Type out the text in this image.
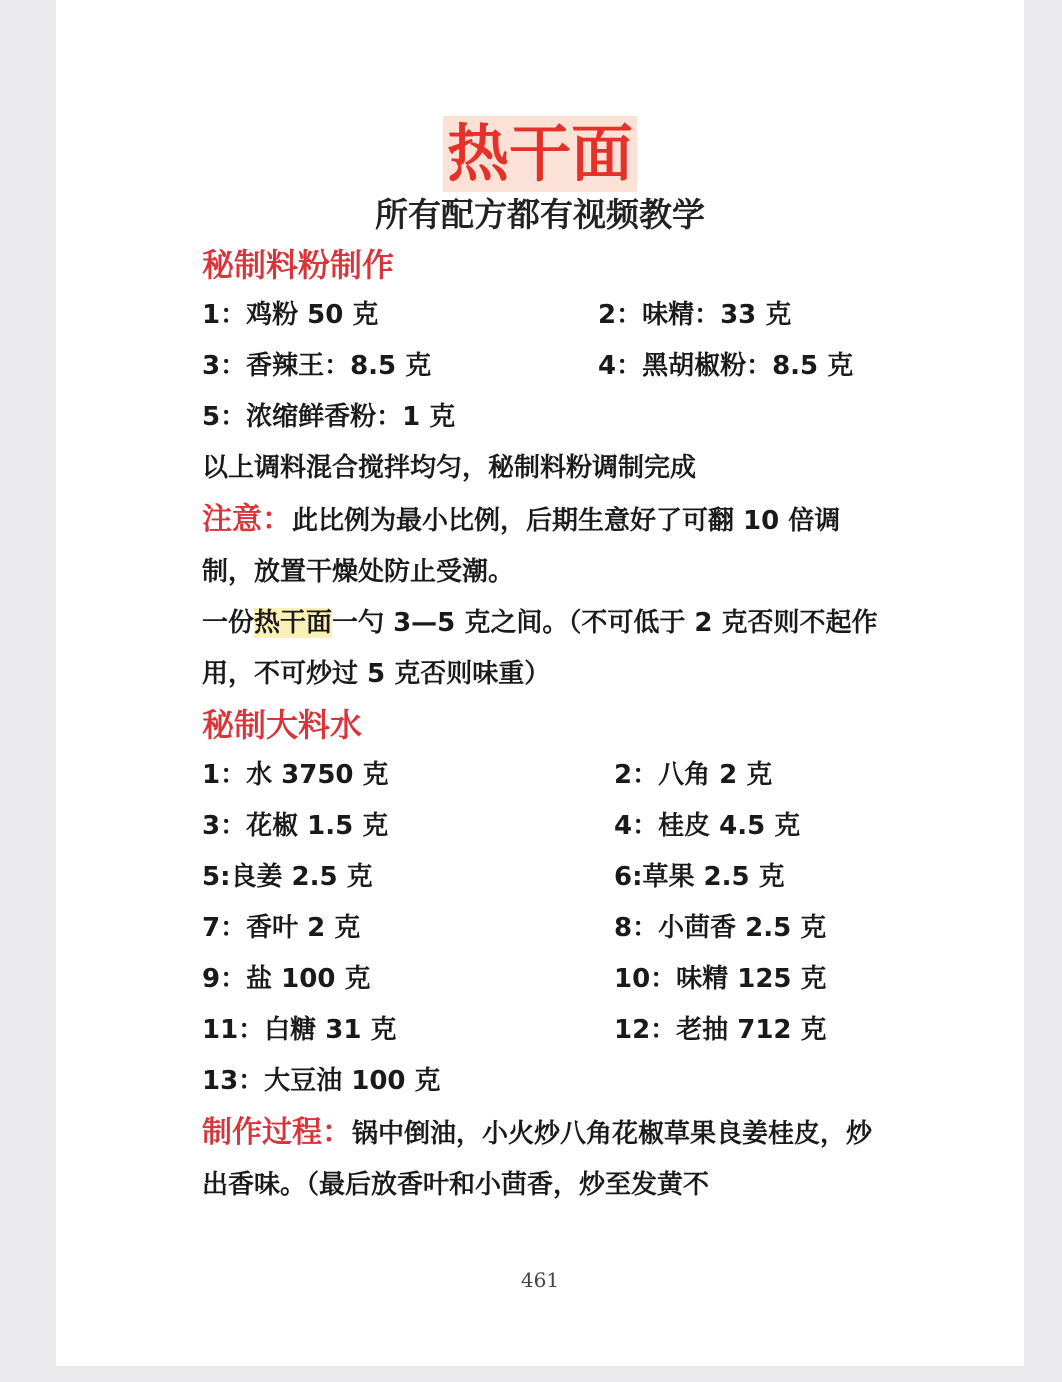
热干面
所有配方都有视频教学
秘制料粉制作
1：鸡粉 50 克	2：味精：33 克
3：香辣王：8.5 克	4：黑胡椒粉：8.5 克
5：浓缩鲜香粉：1 克
以上调料混合搅拌均匀，秘制料粉调制完成
注意：此比例为最小比例，后期生意好了可翻 10 倍调制，放置干燥处防止受潮。
一份热干面一勺 3—5 克之间。（不可低于 2 克否则不起作用，不可炒过 5 克否则味重）
秘制大料水
1：水 3750 克	2：八角 2 克
3：花椒 1.5 克	4：桂皮 4.5 克
5:良姜 2.5 克	6:草果 2.5 克
7：香叶 2 克	8：小茴香 2.5 克
9：盐 100 克	10：味精 125 克
11：白糖 31 克	12：老抽 712 克
13：大豆油 100 克
制作过程：锅中倒油，小火炒八角花椒草果良姜桂皮，炒出香味。（最后放香叶和小茴香，炒至发黄不
461
